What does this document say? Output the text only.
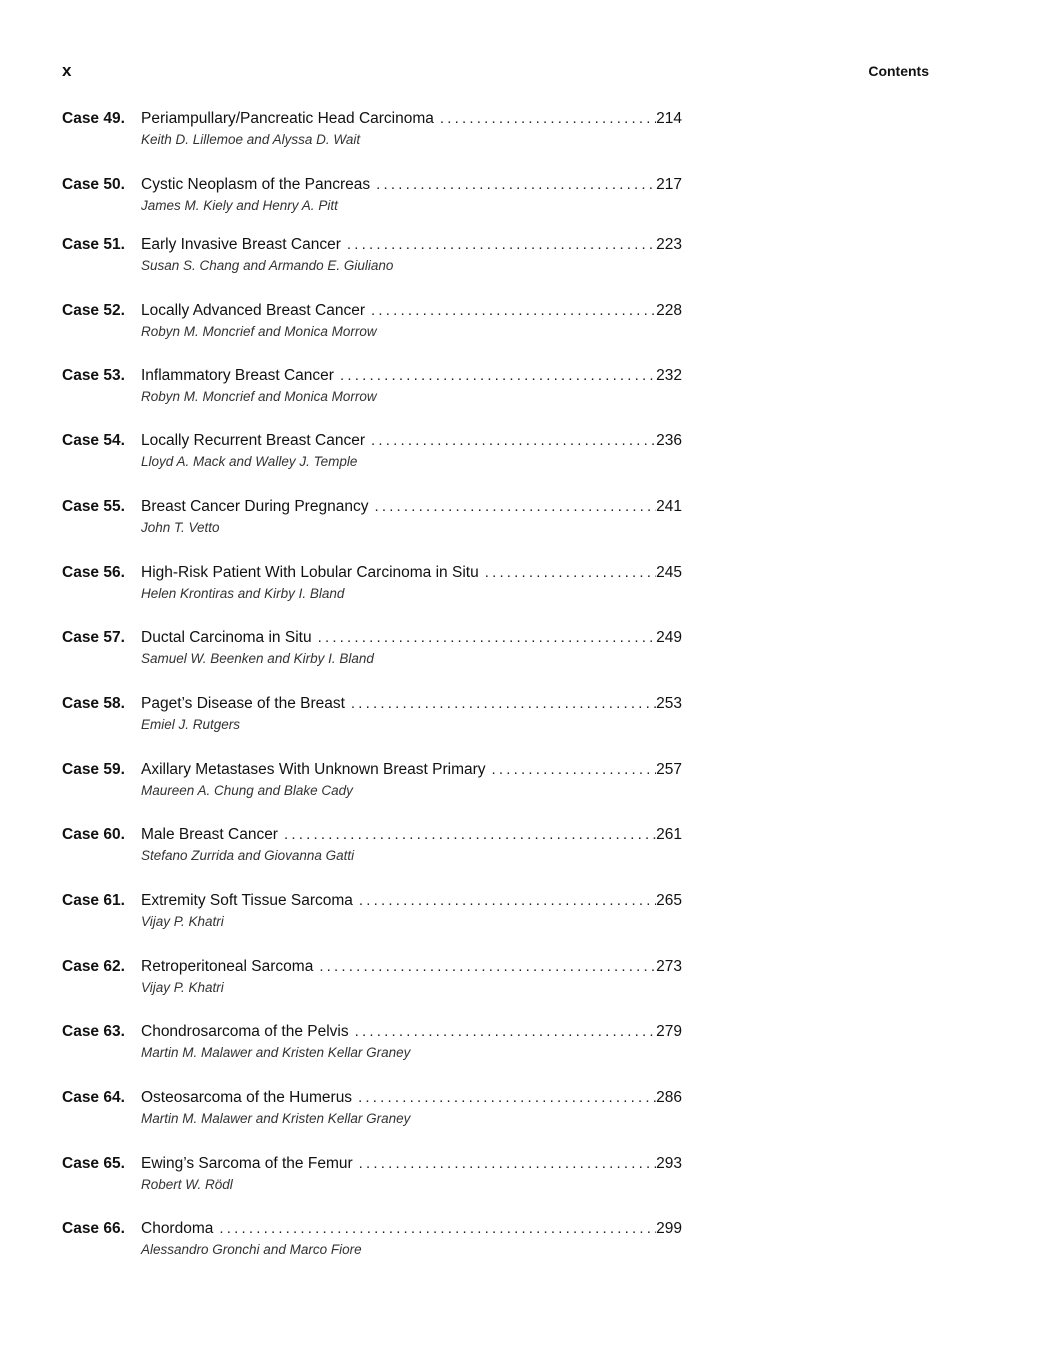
x	Contents
Case 49.	Periampullary/Pancreatic Head Carcinoma .....	214
Keith D. Lillemoe and Alyssa D. Wait
Case 50.	Cystic Neoplasm of the Pancreas .....	217
James M. Kiely and Henry A. Pitt
Case 51.	Early Invasive Breast Cancer .....	223
Susan S. Chang and Armando E. Giuliano
Case 52.	Locally Advanced Breast Cancer .....	228
Robyn M. Moncrief and Monica Morrow
Case 53.	Inflammatory Breast Cancer .....	232
Robyn M. Moncrief and Monica Morrow
Case 54.	Locally Recurrent Breast Cancer .....	236
Lloyd A. Mack and Walley J. Temple
Case 55.	Breast Cancer During Pregnancy .....	241
John T. Vetto
Case 56.	High-Risk Patient With Lobular Carcinoma in Situ .....	245
Helen Krontiras and Kirby I. Bland
Case 57.	Ductal Carcinoma in Situ .....	249
Samuel W. Beenken and Kirby I. Bland
Case 58.	Paget’s Disease of the Breast .....	253
Emiel J. Rutgers
Case 59.	Axillary Metastases With Unknown Breast Primary .....	257
Maureen A. Chung and Blake Cady
Case 60.	Male Breast Cancer .....	261
Stefano Zurrida and Giovanna Gatti
Case 61.	Extremity Soft Tissue Sarcoma .....	265
Vijay P. Khatri
Case 62.	Retroperitoneal Sarcoma .....	273
Vijay P. Khatri
Case 63.	Chondrosarcoma of the Pelvis .....	279
Martin M. Malawer and Kristen Kellar Graney
Case 64.	Osteosarcoma of the Humerus .....	286
Martin M. Malawer and Kristen Kellar Graney
Case 65.	Ewing’s Sarcoma of the Femur .....	293
Robert W. Rödl
Case 66.	Chordoma .....	299
Alessandro Gronchi and Marco Fiore
